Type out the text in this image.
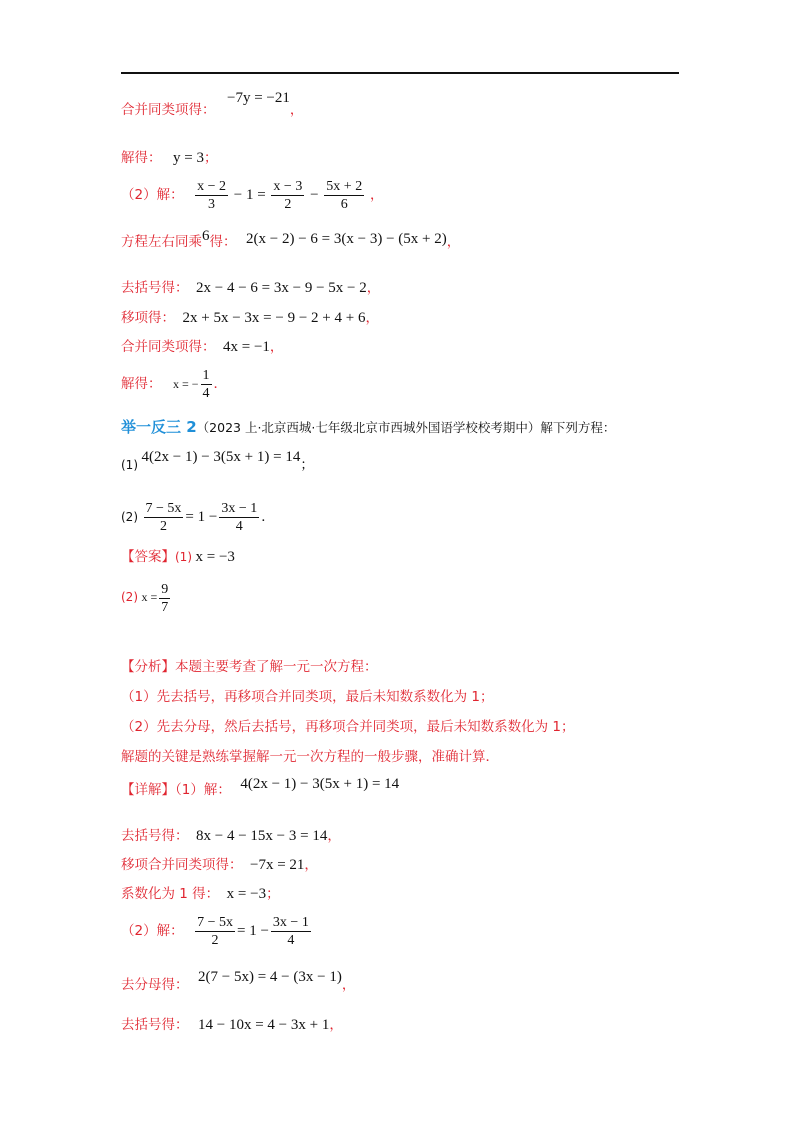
合并同类项得： −7y = −21，
解得： y = 3；
（2）解： $\frac{x - 2}{3} - 1 = \frac{x - 3}{2} - \frac{5x + 2}{6}$ ，
方程左右同乘6得： 2(x − 2) − 6 = 3(x − 3) − (5x + 2)，
去括号得： 2x − 4 − 6 = 3x − 9 − 5x − 2，
移项得： 2x + 5x − 3x = − 9 − 2 + 4 + 6，
合并同类项得： 4x = −1，
解得： x = − $\frac{1}{4}$ ．
举一反三 2（2023 上·北京西城·七年级北京市西城外国语学校校考期中）解下列方程：
(1) 4(2x − 1) − 3(5x + 1) = 14；
$(2) \frac{7 - 5x}{2} = 1 - \frac{3x - 1}{4}$ ．
【答案】(1) x = −3
(2) $x = \frac{9}{7}$
【分析】本题主要考查了解一元一次方程：
（1）先去括号，再移项合并同类项，最后未知数系数化为 1；
（2）先去分母，然后去括号，再移项合并同类项，最后未知数系数化为 1；
解题的关键是熟练掌握解一元一次方程的一般步骤，准确计算．
【详解】（1）解： 4(2x − 1) − 3(5x + 1) = 14
去括号得： 8x − 4 − 15x − 3 = 14，
移项合并同类项得： −7x = 21，
系数化为 1 得： x = −3；
（2）解： $\frac{7 - 5x}{2} = 1 - \frac{3x - 1}{4}$
去分母得： 2(7 − 5x) = 4 − (3x − 1)，
去括号得： 14 − 10x = 4 − 3x + 1，
